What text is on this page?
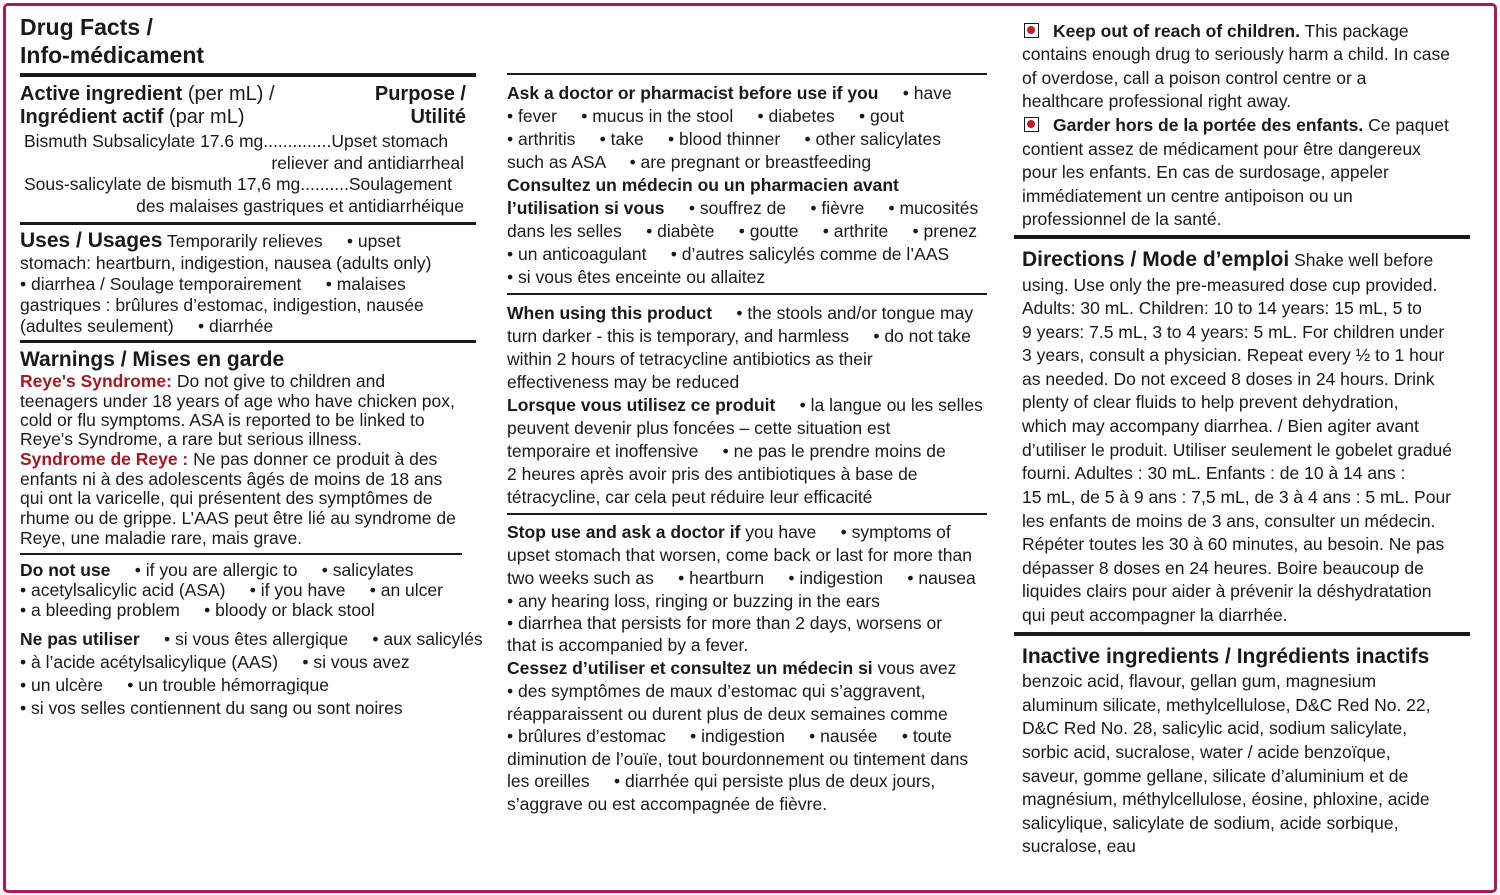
Drug Facts /
Info-médicament
Active ingredient (per mL) /
Ingrédient actif (par mL)
Purpose /
Utilité
Bismuth Subsalicylate 17.6 mg..............Upset stomach
reliever and antidiarrheal
Sous-salicylate de bismuth 17,6 mg..........Soulagement
des malaises gastriques et antidiarrhéique
Uses / Usages Temporarily relieves     • upset
stomach: heartburn, indigestion, nausea (adults only)
• diarrhea / Soulage temporairement     • malaises
gastriques : brûlures d’estomac, indigestion, nausée
(adultes seulement)     • diarrhée
Warnings / Mises en garde
Reye's Syndrome: Do not give to children and
teenagers under 18 years of age who have chicken pox,
cold or flu symptoms. ASA is reported to be linked to
Reye's Syndrome, a rare but serious illness.
Syndrome de Reye : Ne pas donner ce produit à des
enfants ni à des adolescents âgés de moins de 18 ans
qui ont la varicelle, qui présentent des symptômes de
rhume ou de grippe. L’AAS peut être lié au syndrome de
Reye, une maladie rare, mais grave.
Do not use     • if you are allergic to     • salicylates
• acetylsalicylic acid (ASA)     • if you have     • an ulcer
• a bleeding problem     • bloody or black stool
Ne pas utiliser     • si vous êtes allergique     • aux salicylés
• à l’acide acétylsalicylique (AAS)     • si vous avez
• un ulcère     • un trouble hémorragique
• si vos selles contiennent du sang ou sont noires
Ask a doctor or pharmacist before use if you     • have
• fever     • mucus in the stool     • diabetes     • gout
• arthritis     • take     • blood thinner     • other salicylates
such as ASA     • are pregnant or breastfeeding
Consultez un médecin ou un pharmacien avant
l’utilisation si vous     • souffrez de     • fièvre     • mucosités
dans les selles     • diabète     • goutte     • arthrite     • prenez
• un anticoagulant     • d’autres salicylés comme de l’AAS
• si vous êtes enceinte ou allaitez
When using this product     • the stools and/or tongue may
turn darker - this is temporary, and harmless     • do not take
within 2 hours of tetracycline antibiotics as their
effectiveness may be reduced
Lorsque vous utilisez ce produit     • la langue ou les selles
peuvent devenir plus foncées – cette situation est
temporaire et inoffensive     • ne pas le prendre moins de
2 heures après avoir pris des antibiotiques à base de
tétracycline, car cela peut réduire leur efficacité
Stop use and ask a doctor if you have     • symptoms of
upset stomach that worsen, come back or last for more than
two weeks such as     • heartburn     • indigestion     • nausea
• any hearing loss, ringing or buzzing in the ears
• diarrhea that persists for more than 2 days, worsens or
that is accompanied by a fever.
Cessez d’utiliser et consultez un médecin si vous avez
• des symptômes de maux d’estomac qui s’aggravent,
réapparaissent ou durent plus de deux semaines comme
• brûlures d’estomac     • indigestion     • nausée     • toute
diminution de l’ouïe, tout bourdonnement ou tintement dans
les oreilles     • diarrhée qui persiste plus de deux jours,
s’aggrave ou est accompagnée de fièvre.
Keep out of reach of children. This package
contains enough drug to seriously harm a child. In case
of overdose, call a poison control centre or a
healthcare professional right away.
Garder hors de la portée des enfants. Ce paquet
contient assez de médicament pour être dangereux
pour les enfants. En cas de surdosage, appeler
immédiatement un centre antipoison ou un
professionnel de la santé.
Directions / Mode d’emploi Shake well before
using. Use only the pre-measured dose cup provided.
Adults: 30 mL. Children: 10 to 14 years: 15 mL, 5 to
9 years: 7.5 mL, 3 to 4 years: 5 mL. For children under
3 years, consult a physician. Repeat every ½ to 1 hour
as needed. Do not exceed 8 doses in 24 hours. Drink
plenty of clear fluids to help prevent dehydration,
which may accompany diarrhea. / Bien agiter avant
d’utiliser le produit. Utiliser seulement le gobelet gradué
fourni. Adultes : 30 mL. Enfants : de 10 à 14 ans :
15 mL, de 5 à 9 ans : 7,5 mL, de 3 à 4 ans : 5 mL. Pour
les enfants de moins de 3 ans, consulter un médecin.
Répéter toutes les 30 à 60 minutes, au besoin. Ne pas
dépasser 8 doses en 24 heures. Boire beaucoup de
liquides clairs pour aider à prévenir la déshydratation
qui peut accompagner la diarrhée.
Inactive ingredients / Ingrédients inactifs
benzoic acid, flavour, gellan gum, magnesium
aluminum silicate, methylcellulose, D&C Red No. 22,
D&C Red No. 28, salicylic acid, sodium salicylate,
sorbic acid, sucralose, water / acide benzoïque,
saveur, gomme gellane, silicate d’aluminium et de
magnésium, méthylcellulose, éosine, phloxine, acide
salicylique, salicylate de sodium, acide sorbique,
sucralose, eau
